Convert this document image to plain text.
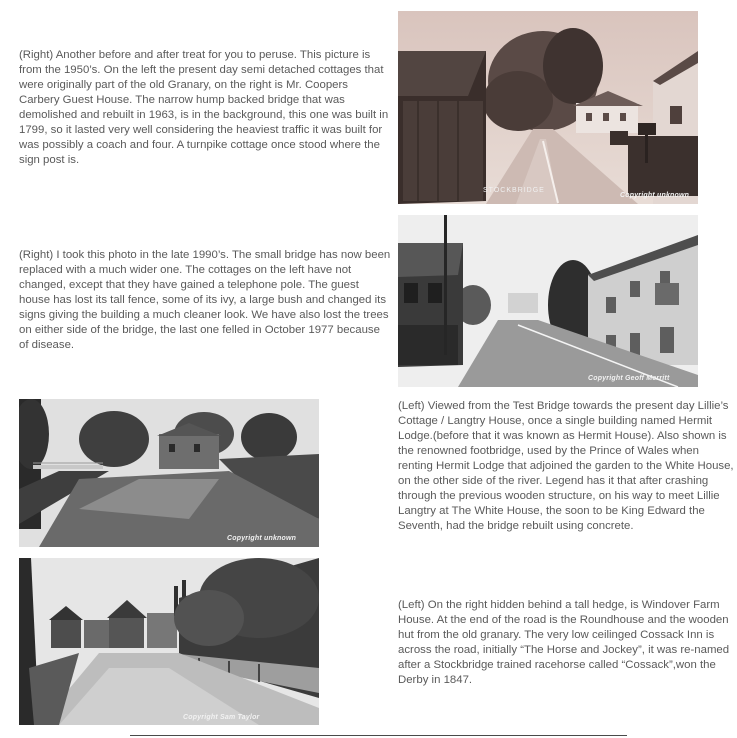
(Right) Another before and after treat for you to peruse. This picture is from the 1950’s. On the left the present day semi detached cottages that were originally part of the old Granary, on the right is Mr. Coopers Carbery Guest House. The narrow hump backed bridge that was demolished and rebuilt in 1963, is in the background, this one was built in 1799, so it lasted very well considering the heaviest traffic it was built for was possibly a coach and four. A turnpike cottage once stood where the sign post is.

STOCKBRIDGE
Copyright unknown

(Right) I took this photo in the late 1990’s. The small bridge has now been replaced with a much wider one. The cottages on the left have not changed, except that they have gained a telephone pole. The guest house has lost its tall fence, some of its ivy, a large bush and changed its signs giving the building a much cleaner look. We have also lost the trees on either side of the bridge, the last one felled in October 1977 because of disease.

Copyright Geoff Merritt
Copyright unknown

(Left) Viewed from the Test Bridge towards the present day Lillie’s Cottage / Langtry House, once a single building named Hermit Lodge.(before that it was known as Hermit House). Also shown is the renowned footbridge, used by the Prince of Wales when renting Hermit Lodge that adjoined the garden to the White House, on the other side of the river. Legend has it that after crashing through the previous wooden structure, on his way to meet Lillie Langtry at The White House, the soon to be King Edward the Seventh, had the bridge rebuilt using concrete.

Copyright Sam Taylor

(Left) On the right hidden behind a tall hedge, is Windover Farm House. At the end of the road is the Roundhouse and the wooden hut from the old granary. The very low ceilinged Cossack Inn is across the road, initially “The Horse and Jockey”, it was re-named after a Stockbridge trained racehorse called “Cossack”,won the Derby in 1847.
